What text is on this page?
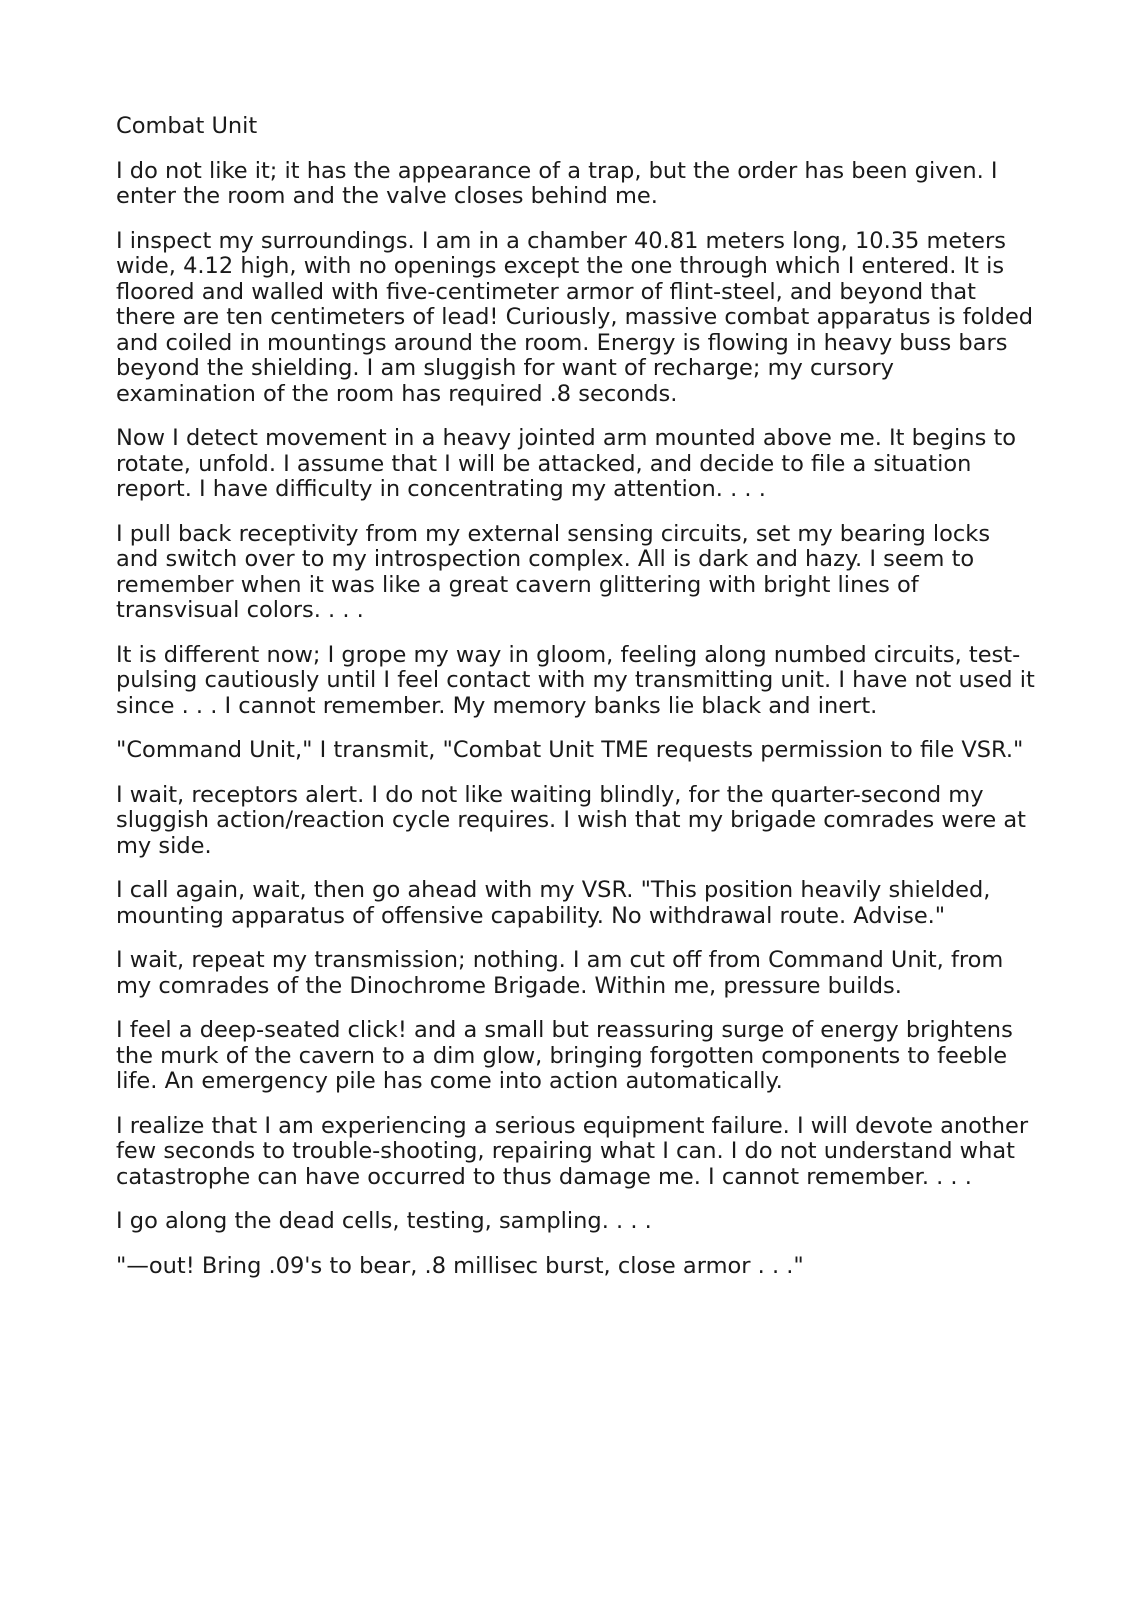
Combat Unit

I do not like it; it has the appearance of a trap, but the order has been given. I enter the room and the valve closes behind me.

I inspect my surroundings. I am in a chamber 40.81 meters long, 10.35 meters wide, 4.12 high, with no openings except the one through which I entered. It is floored and walled with five-centimeter armor of flint-steel, and beyond that there are ten centimeters of lead! Curiously, massive combat apparatus is folded and coiled in mountings around the room. Energy is flowing in heavy buss bars beyond the shielding. I am sluggish for want of recharge; my cursory examination of the room has required .8 seconds.

Now I detect movement in a heavy jointed arm mounted above me. It begins to rotate, unfold. I assume that I will be attacked, and decide to file a situation report. I have difficulty in concentrating my attention. . . .

I pull back receptivity from my external sensing circuits, set my bearing locks and switch over to my introspection complex. All is dark and hazy. I seem to remember when it was like a great cavern glittering with bright lines of transvisual colors. . . .

It is different now; I grope my way in gloom, feeling along numbed circuits, test-pulsing cautiously until I feel contact with my transmitting unit. I have not used it since . . . I cannot remember. My memory banks lie black and inert.

"Command Unit," I transmit, "Combat Unit TME requests permission to file VSR."

I wait, receptors alert. I do not like waiting blindly, for the quarter-second my sluggish action/reaction cycle requires. I wish that my brigade comrades were at my side.

I call again, wait, then go ahead with my VSR. "This position heavily shielded, mounting apparatus of offensive capability. No withdrawal route. Advise."

I wait, repeat my transmission; nothing. I am cut off from Command Unit, from my comrades of the Dinochrome Brigade. Within me, pressure builds.

I feel a deep-seated click! and a small but reassuring surge of energy brightens the murk of the cavern to a dim glow, bringing forgotten components to feeble life. An emergency pile has come into action automatically.

I realize that I am experiencing a serious equipment failure. I will devote another few seconds to trouble-shooting, repairing what I can. I do not understand what catastrophe can have occurred to thus damage me. I cannot remember. . . .

I go along the dead cells, testing, sampling. . . .

"—out! Bring .09's to bear, .8 millisec burst, close armor . . ."
